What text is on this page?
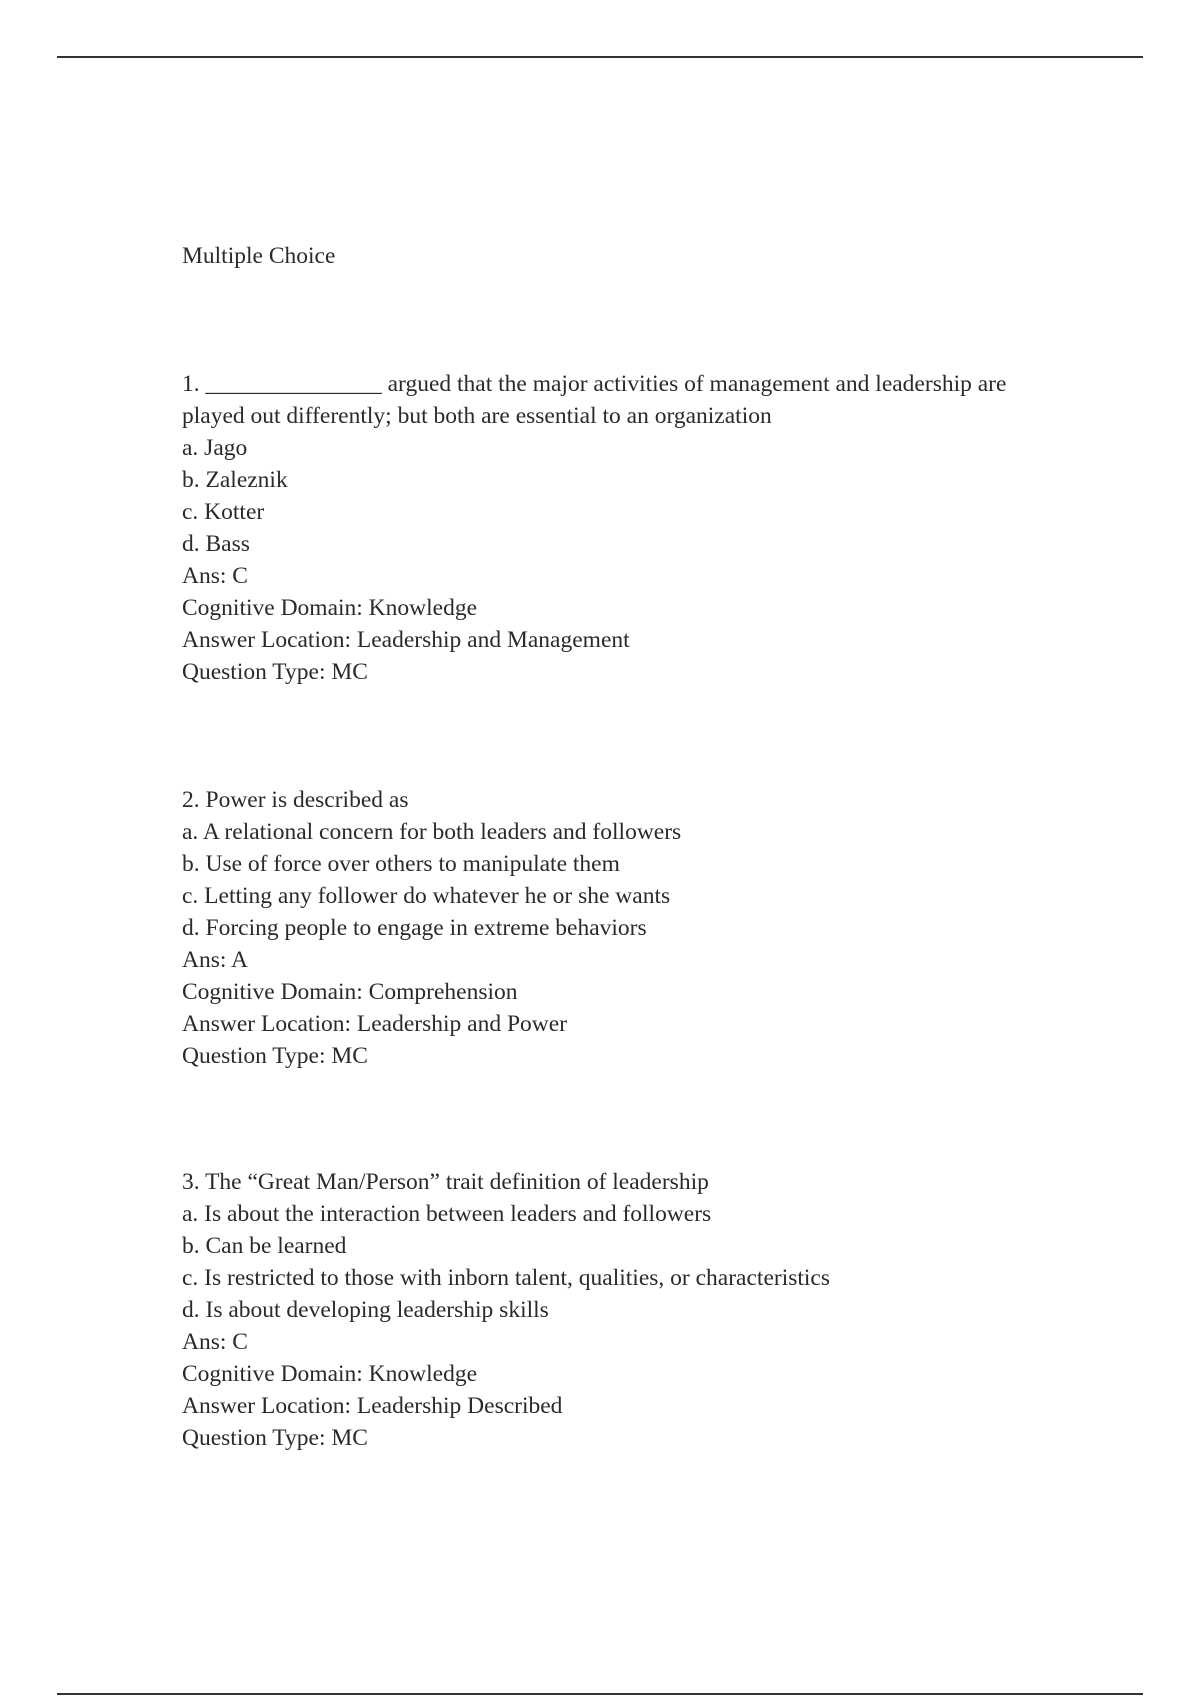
Multiple Choice
1. _______________ argued that the major activities of management and leadership are played out differently; but both are essential to an organization
a. Jago
b. Zaleznik
c. Kotter
d. Bass
Ans: C
Cognitive Domain: Knowledge
Answer Location: Leadership and Management
Question Type: MC
2. Power is described as
a. A relational concern for both leaders and followers
b. Use of force over others to manipulate them
c. Letting any follower do whatever he or she wants
d. Forcing people to engage in extreme behaviors
Ans: A
Cognitive Domain: Comprehension
Answer Location: Leadership and Power
Question Type: MC
3. The “Great Man/Person” trait definition of leadership
a. Is about the interaction between leaders and followers
b. Can be learned
c. Is restricted to those with inborn talent, qualities, or characteristics
d. Is about developing leadership skills
Ans: C
Cognitive Domain: Knowledge
Answer Location: Leadership Described
Question Type: MC
